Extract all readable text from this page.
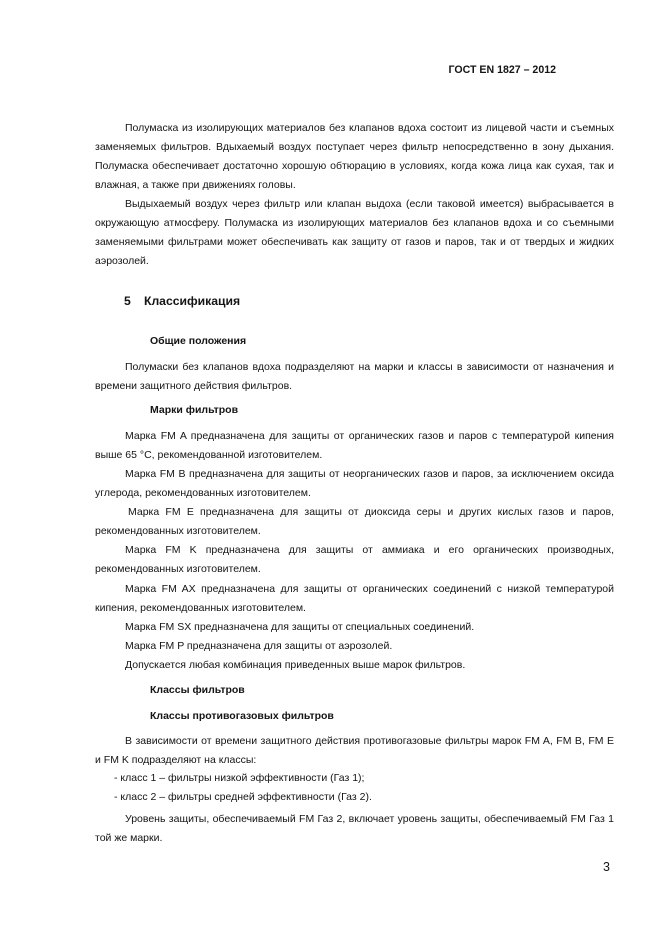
ГОСТ EN 1827 – 2012

Полумаска из изолирующих материалов без клапанов вдоха состоит из лицевой части и съемных заменяемых фильтров. Вдыхаемый воздух поступает через фильтр непосредственно в зону дыхания. Полумаска обеспечивает достаточно хорошую обтюрацию в условиях, когда кожа лица как сухая, так и влажная, а также при движениях головы.

Выдыхаемый воздух через фильтр или клапан выдоха (если таковой имеется) выбрасывается в окружающую атмосферу. Полумаска из изолирующих материалов без клапанов вдоха и со съемными заменяемыми фильтрами может обеспечивать как защиту от газов и паров, так и от твердых и жидких аэрозолей.

5 Классификация
Общие положения

Полумаски без клапанов вдоха подразделяют на марки и классы в зависимости от назначения и времени защитного действия фильтров.

Марки фильтров

Марка FM A предназначена для защиты от органических газов и паров с температурой кипения выше 65 °C, рекомендованной изготовителем.

Марка FM B предназначена для защиты от неорганических газов и паров, за исключением оксида углерода, рекомендованных изготовителем.

Марка FM E предназначена для защиты от диоксида серы и других кислых газов и паров, рекомендованных изготовителем.

Марка FM K предназначена для защиты от аммиака и его органических производных, рекомендованных изготовителем.

Марка FM AX предназначена для защиты от органических соединений с низкой температурой кипения, рекомендованных изготовителем.

Марка FM SX предназначена для защиты от специальных соединений.

Марка FM P предназначена для защиты от аэрозолей.

Допускается любая комбинация приведенных выше марок фильтров.

Классы фильтров
Классы противогазовых фильтров

В зависимости от времени защитного действия противогазовые фильтры марок FM A, FM B, FM E и FM K подразделяют на классы:

- класс 1 – фильтры низкой эффективности (Газ 1);

- класс 2 – фильтры средней эффективности (Газ 2).

Уровень защиты, обеспечиваемый FM Газ 2, включает уровень защиты, обеспечиваемый FM Газ 1 той же марки.

3
